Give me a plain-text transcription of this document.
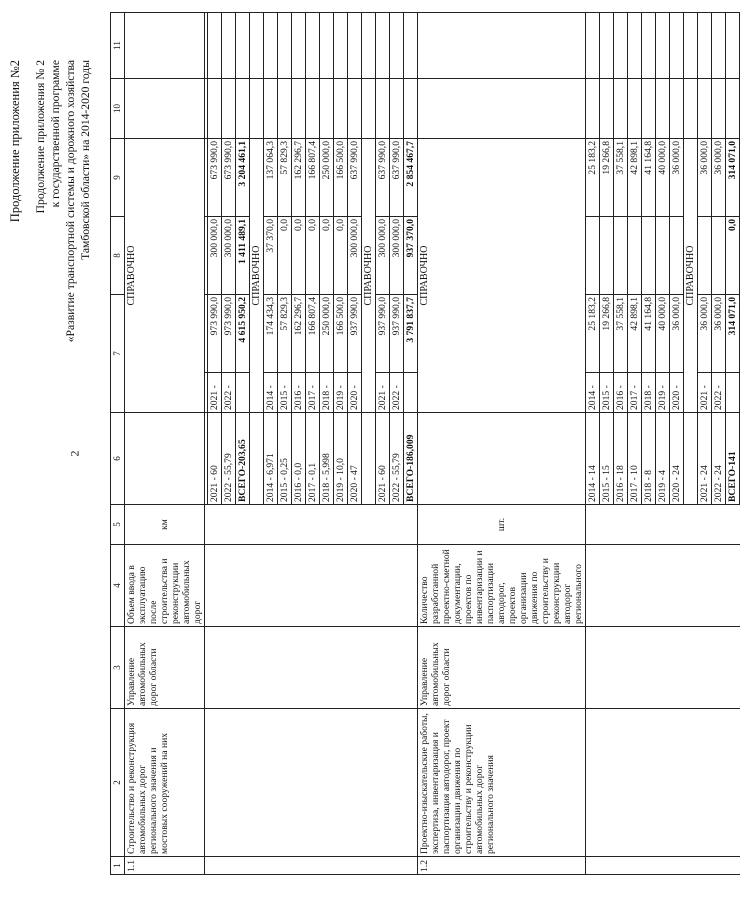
2
Продолжение приложения №2 Продолжение приложения № 2 к государственной программе «Развитие транспортной системы и дорожного хозяйства Тамбовской области» на 2014-2020 годы
1	2	3	4	5	6	7		8	9	10	11
1.1	Строительство и реконструкция автомобильных дорог регионального значения и мостовых сооружений на них	Управление автомобильных дорог области	Объем ввода в эксплуатацию после строительства и реконструкции автомобильных дорог	км		СПРАВОЧНО					

					2021 - 60	2021 -	973 990,0	300 000,0	673 990,0		
					2022 - 55,79	2022 -	973 990,0	300 000,0	673 990,0		
					ВСЕГО-203,65		4 615 950,2	1 411 489,1	3 204 461,1		
						СПРАВОЧНО					
					2014 - 6,971	2014 -	174 434,3	37 370,0	137 064,3		
					2015 - 0,25	2015 -	57 829,3	0,0	57 829,3		
					2016 - 0,0	2016 -	162 296,7	0,0	162 296,7		
					2017 - 0,1	2017 -	166 807,4	0,0	166 807,4		
					2018 - 5,998	2018 -	250 000,0	0,0	250 000,0		
					2019 - 10,0	2019 -	166 500,0	0,0	166 500,0		
					2020 - 47	2020 -	937 990,0	300 000,0	637 990,0		
						СПРАВОЧНО					
					2021 - 60	2021 -	937 990,0	300 000,0	637 990,0		
					2022 - 55,79	2022 -	937 990,0	300 000,0	637 990,0		
					ВСЕГО-186,009		3 791 837,7	937 370,0	2 854 467,7		
1.2	Проектно-изыскательские работы, экспертиза, инвентаризация и паспортизация автодорог, проект организации движения по строительству и реконструкции автомобильных дорог регионального значения	Управление автомобильных дорог области	Количество разработанной проектно-сметной документации, проектов по инвентаризации и паспортизации автодорог, проектов организации движения по строительству и реконструкции автодорог регионального	шт.		СПРАВОЧНО					
					2014 - 14	2014 -	25 183,2		25 183,2		
					2015 - 15	2015 -	19 266,8		19 266,8		
					2016 - 18	2016 -	37 558,1		37 558,1		
					2017 - 10	2017 -	42 898,1		42 898,1		
					2018 - 8	2018 -	41 164,8		41 164,8		
					2019 - 4	2019 -	40 000,0		40 000,0		
					2020 - 24	2020 -	36 000,0		36 000,0		
						СПРАВОЧНО					
					2021 - 24	2021 -	36 000,0		36 000,0		
					2022 - 24	2022 -	36 000,0		36 000,0		
					ВСЕГО-141		314 071,0	0,0	314 071,0		
